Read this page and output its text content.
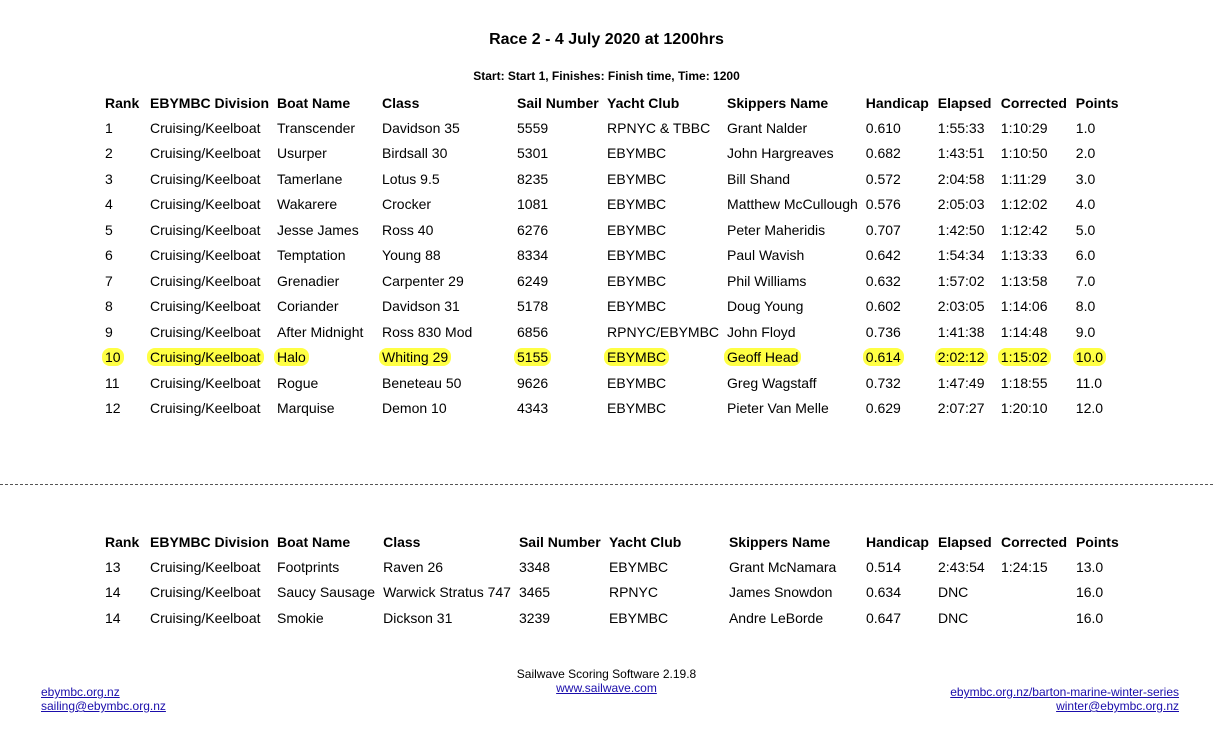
Race 2 - 4 July 2020 at 1200hrs
Start: Start 1, Finishes: Finish time, Time: 1200
Rank	EBYMBC Division	Boat Name	Class	Sail Number	Yacht Club	Skippers Name	Handicap	Elapsed	Corrected	Points
1	Cruising/Keelboat	Transcender	Davidson 35	5559	RPNYC & TBBC	Grant Nalder	0.610	1:55:33	1:10:29	1.0
2	Cruising/Keelboat	Usurper	Birdsall 30	5301	EBYMBC	John Hargreaves	0.682	1:43:51	1:10:50	2.0
3	Cruising/Keelboat	Tamerlane	Lotus 9.5	8235	EBYMBC	Bill Shand	0.572	2:04:58	1:11:29	3.0
4	Cruising/Keelboat	Wakarere	Crocker	1081	EBYMBC	Matthew McCullough	0.576	2:05:03	1:12:02	4.0
5	Cruising/Keelboat	Jesse James	Ross 40	6276	EBYMBC	Peter Maheridis	0.707	1:42:50	1:12:42	5.0
6	Cruising/Keelboat	Temptation	Young 88	8334	EBYMBC	Paul Wavish	0.642	1:54:34	1:13:33	6.0
7	Cruising/Keelboat	Grenadier	Carpenter 29	6249	EBYMBC	Phil Williams	0.632	1:57:02	1:13:58	7.0
8	Cruising/Keelboat	Coriander	Davidson 31	5178	EBYMBC	Doug Young	0.602	2:03:05	1:14:06	8.0
9	Cruising/Keelboat	After Midnight	Ross 830 Mod	6856	RPNYC/EBYMBC	John Floyd	0.736	1:41:38	1:14:48	9.0
10	Cruising/Keelboat	Halo	Whiting 29	5155	EBYMBC	Geoff Head	0.614	2:02:12	1:15:02	10.0
11	Cruising/Keelboat	Rogue	Beneteau 50	9626	EBYMBC	Greg Wagstaff	0.732	1:47:49	1:18:55	11.0
12	Cruising/Keelboat	Marquise	Demon 10	4343	EBYMBC	Pieter Van Melle	0.629	2:07:27	1:20:10	12.0
Rank	EBYMBC Division	Boat Name	Class	Sail Number	Yacht Club	Skippers Name	Handicap	Elapsed	Corrected	Points
13	Cruising/Keelboat	Footprints	Raven 26	3348	EBYMBC	Grant McNamara	0.514	2:43:54	1:24:15	13.0
14	Cruising/Keelboat	Saucy Sausage	Warwick Stratus 747	3465	RPNYC	James Snowdon	0.634	DNC		16.0
14	Cruising/Keelboat	Smokie	Dickson 31	3239	EBYMBC	Andre LeBorde	0.647	DNC		16.0
Sailwave Scoring Software 2.19.8
www.sailwave.com
ebymbc.org.nz
sailing@ebymbc.org.nz
ebymbc.org.nz/barton-marine-winter-series
winter@ebymbc.org.nz
